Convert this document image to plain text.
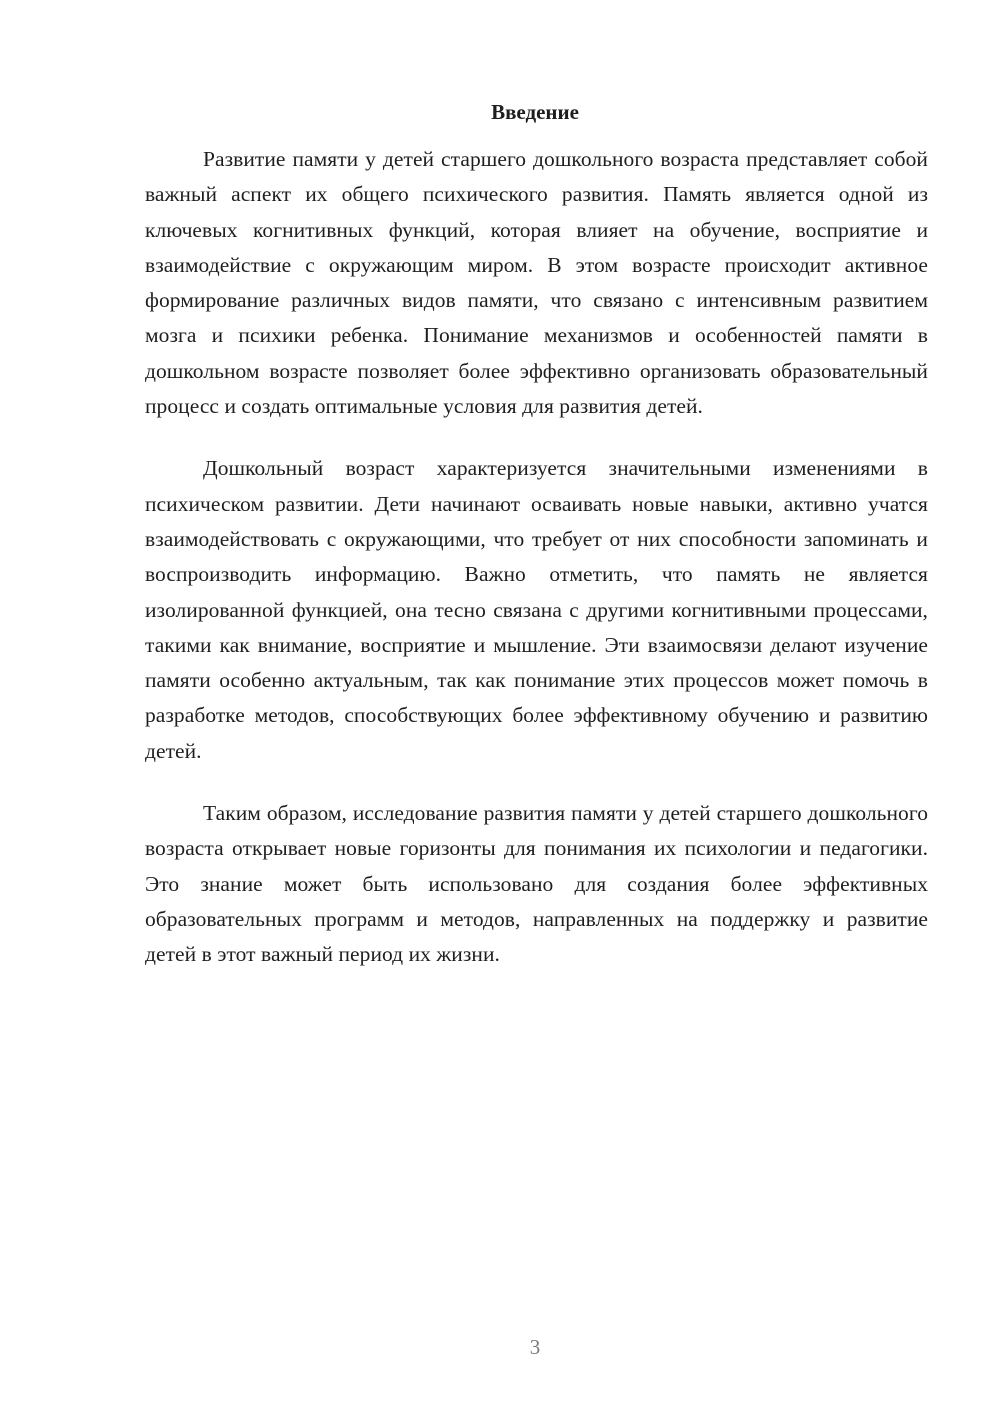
Введение

Развитие памяти у детей старшего дошкольного возраста представляет собой важный аспект их общего психического развития. Память является одной из ключевых когнитивных функций, которая влияет на обучение, восприятие и взаимодействие с окружающим миром. В этом возрасте происходит активное формирование различных видов памяти, что связано с интенсивным развитием мозга и психики ребенка. Понимание механизмов и особенностей памяти в дошкольном возрасте позволяет более эффективно организовать образовательный процесс и создать оптимальные условия для развития детей.

Дошкольный возраст характеризуется значительными изменениями в психическом развитии. Дети начинают осваивать новые навыки, активно учатся взаимодействовать с окружающими, что требует от них способности запоминать и воспроизводить информацию. Важно отметить, что память не является изолированной функцией, она тесно связана с другими когнитивными процессами, такими как внимание, восприятие и мышление. Эти взаимосвязи делают изучение памяти особенно актуальным, так как понимание этих процессов может помочь в разработке методов, способствующих более эффективному обучению и развитию детей.

Таким образом, исследование развития памяти у детей старшего дошкольного возраста открывает новые горизонты для понимания их психологии и педагогики. Это знание может быть использовано для создания более эффективных образовательных программ и методов, направленных на поддержку и развитие детей в этот важный период их жизни.

3
